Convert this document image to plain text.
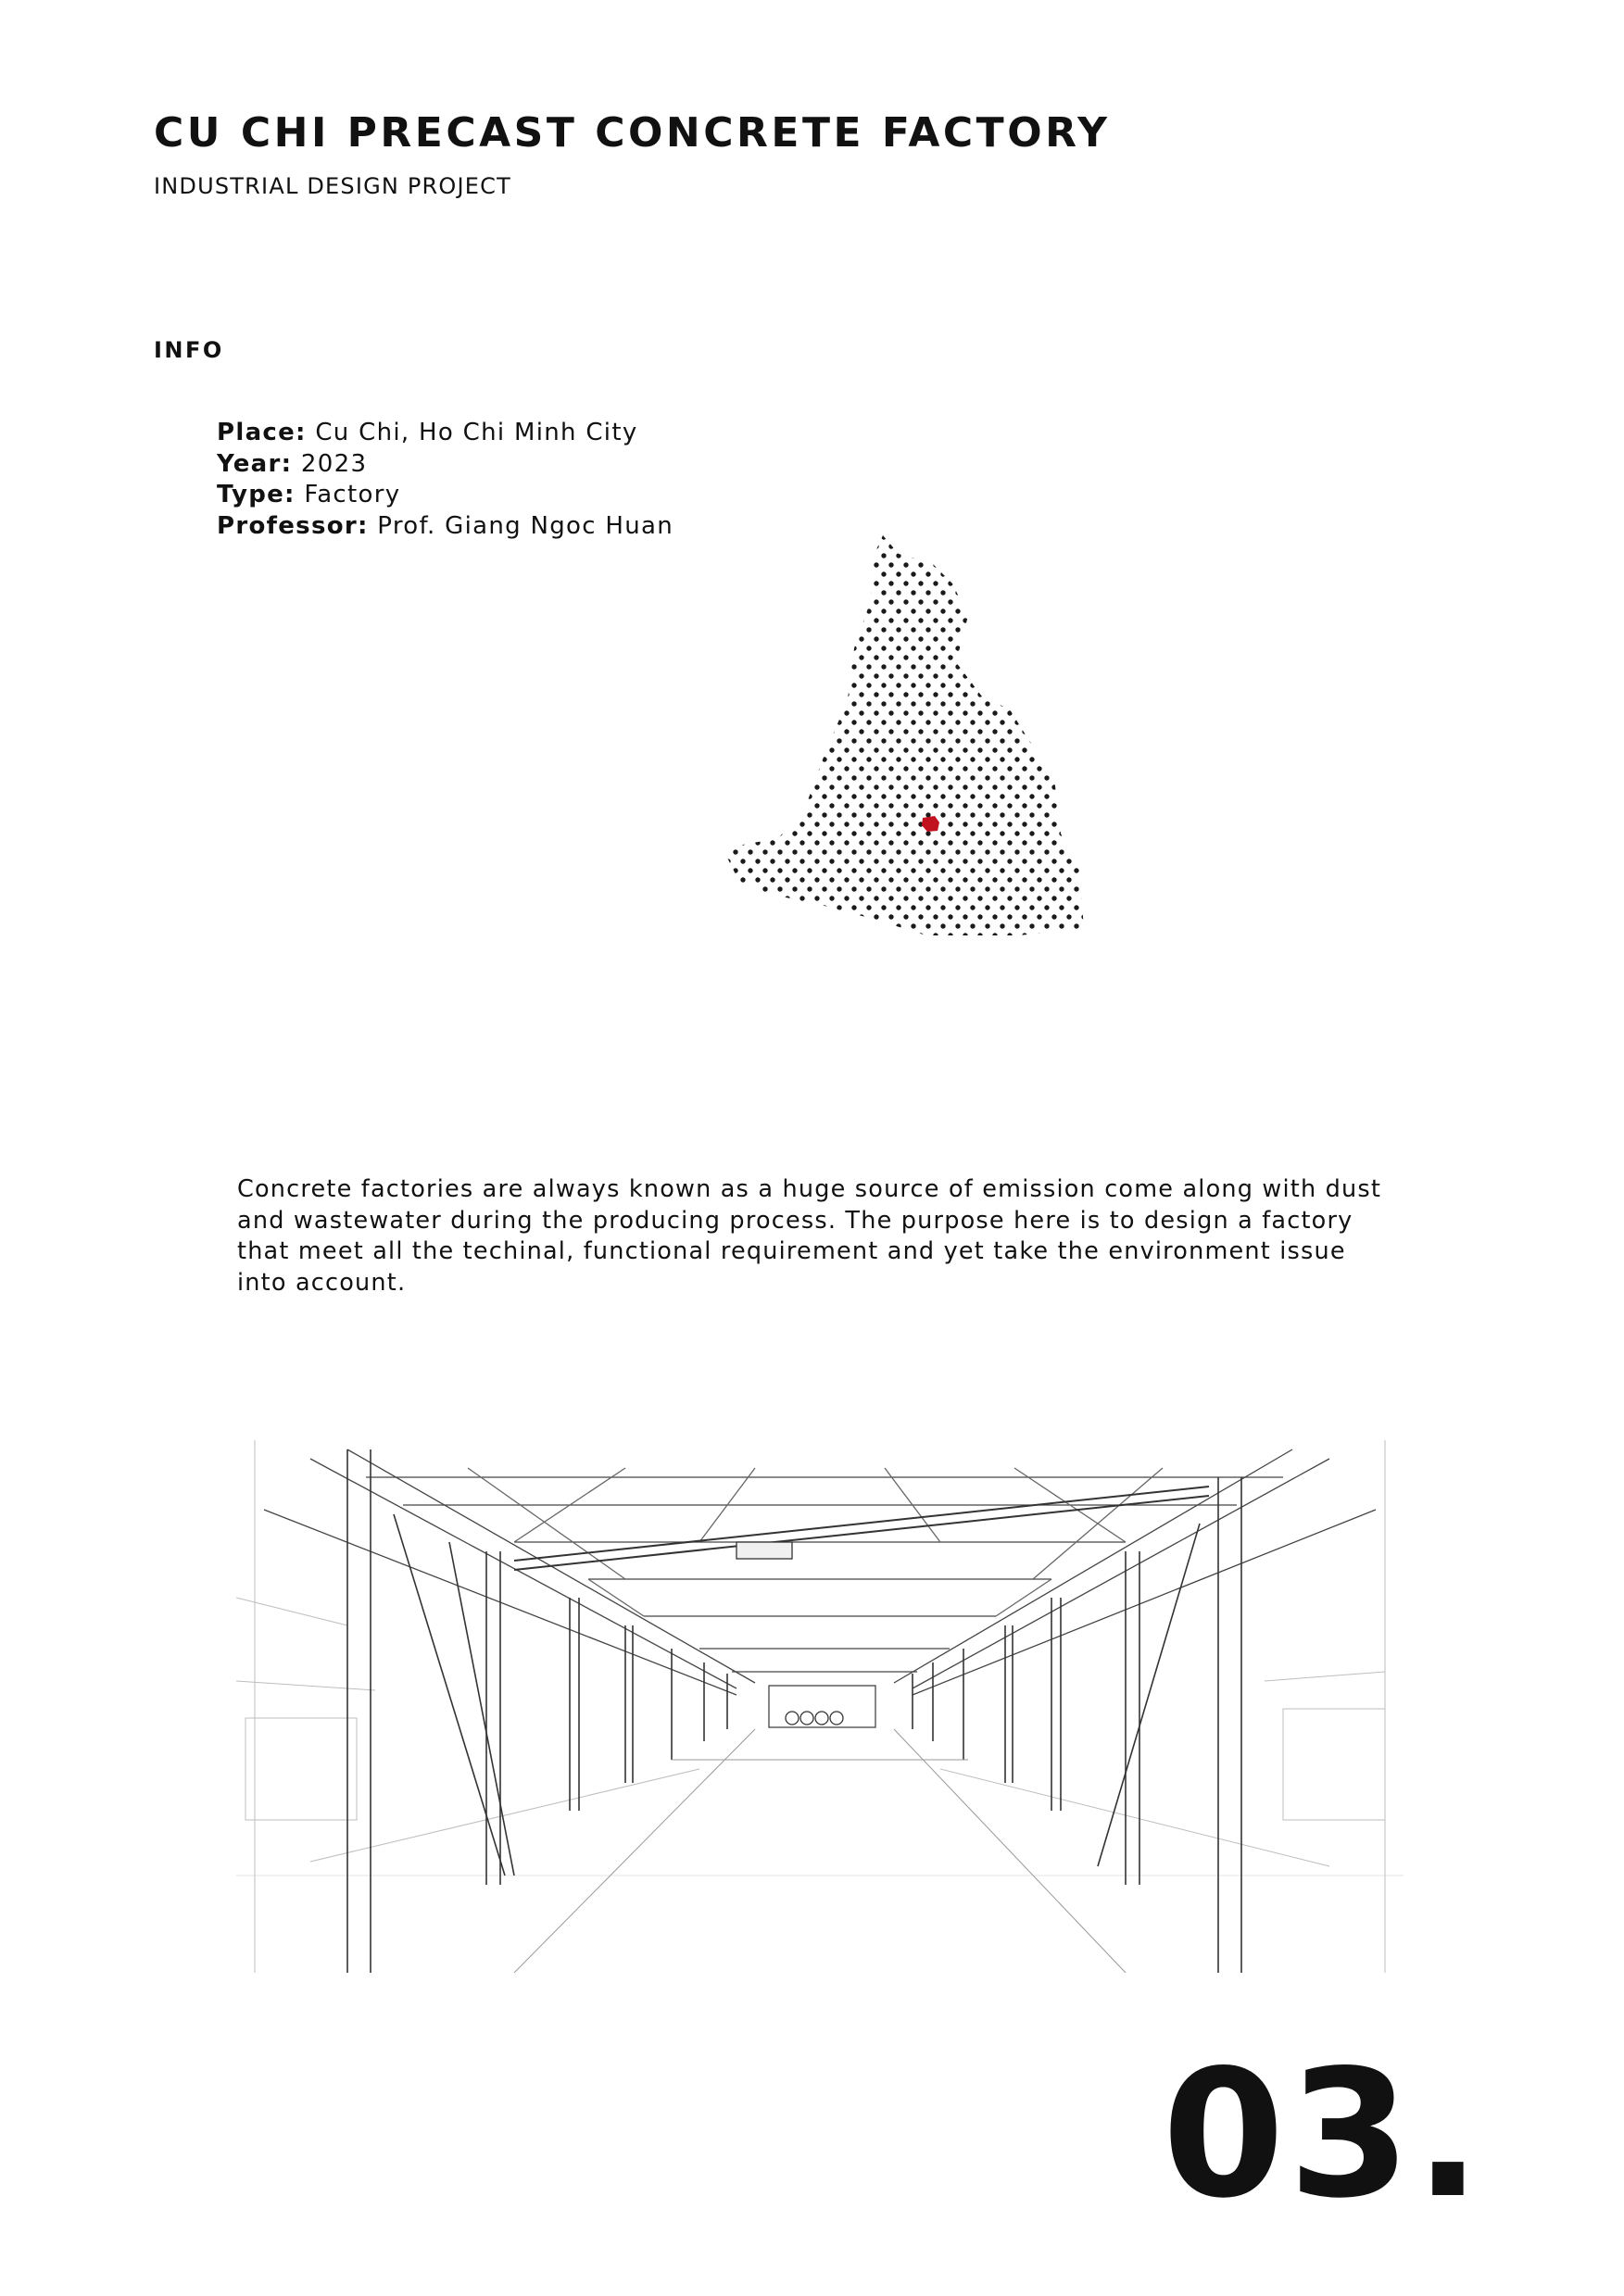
CU CHI PRECAST CONCRETE FACTORY
INDUSTRIAL DESIGN PROJECT
INFO
Place: Cu Chi, Ho Chi Minh City
Year: 2023
Type: Factory
Professor: Prof. Giang Ngoc Huan

Concrete factories are always known as a huge source of emission come along with dust
and wastewater during the producing process. The purpose here is to design a factory
that meet all the techinal, functional requirement and yet take the environment issue
into account.

03.
